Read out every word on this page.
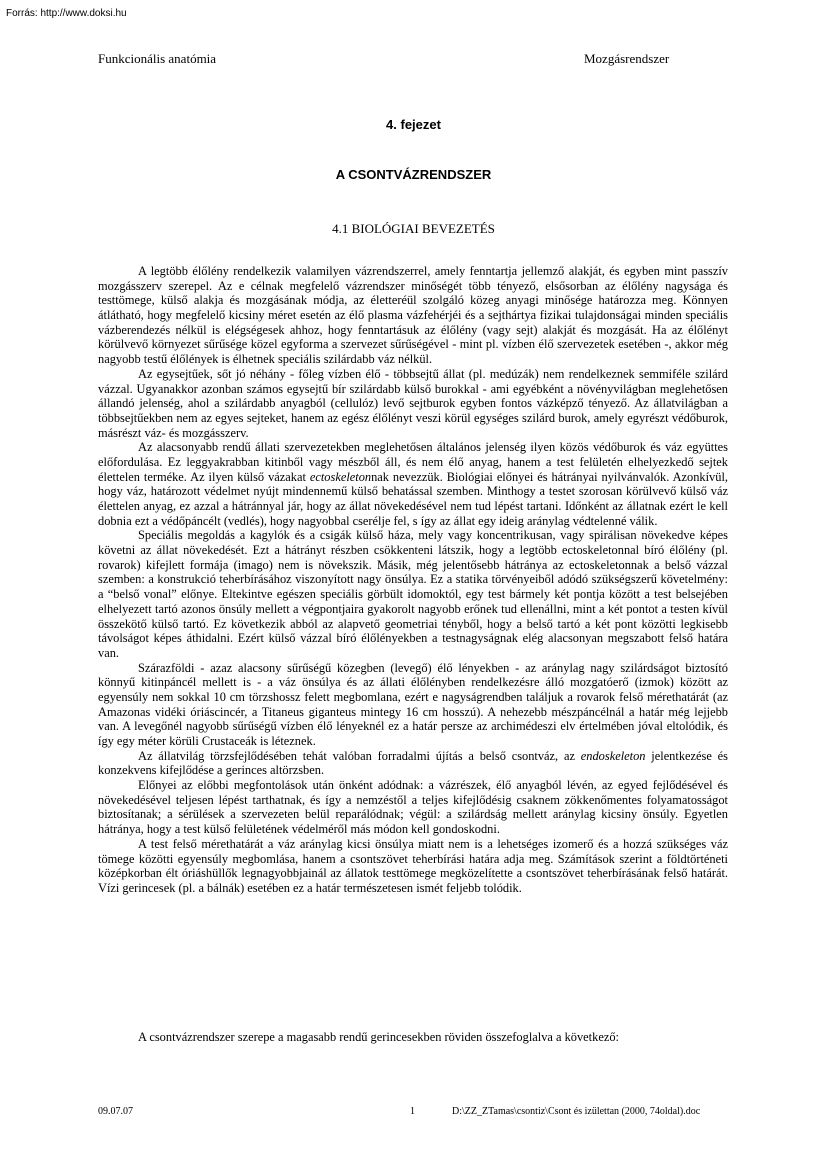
Forrás: http://www.doksi.hu
Funkcionális anatómia	Mozgásrendszer
4. fejezet
A CSONTVÁZRENDSZER
4.1 BIOLÓGIAI BEVEZETÉS

A legtöbb élőlény rendelkezik valamilyen vázrendszerrel, amely fenntartja jellemző alakját, és egyben mint passzív mozgásszerv szerepel. Az e célnak megfelelő vázrendszer minőségét több tényező, elsősorban az élőlény nagysága és testtömege, külső alakja és mozgásának módja, az életteréül szolgáló közeg anyagi minősége határozza meg. Könnyen átlátható, hogy megfelelő kicsiny méret esetén az élő plasma vázfehérjéi és a sejthártya fizikai tulajdonságai minden speciális vázberendezés nélkül is elégségesek ahhoz, hogy fenntartásuk az élőlény (vagy sejt) alakját és mozgását. Ha az élőlényt körülvevő környezet sűrűsége közel egyforma a szervezet sűrűségével - mint pl. vízben élő szervezetek esetében -, akkor még nagyobb testű élőlények is élhetnek speciális szilárdabb váz nélkül.

Az egysejtűek, sőt jó néhány - főleg vízben élő - többsejtű állat (pl. medúzák) nem rendelkeznek semmiféle szilárd vázzal. Ugyanakkor azonban számos egysejtű bír szilárdabb külső burokkal - ami egyébként a növényvilágban meglehetősen állandó jelenség, ahol a szilárdabb anyagból (cellulóz) levő sejtburok egyben fontos vázképző tényező. Az állatvilágban a többsejtűekben nem az egyes sejteket, hanem az egész élőlényt veszi körül egységes szilárd burok, amely egyrészt védőburok, másrészt váz- és mozgásszerv.

Az alacsonyabb rendű állati szervezetekben meglehetősen általános jelenség ilyen közös védőburok és váz együttes előfordulása. Ez leggyakrabban kitinből vagy mészből áll, és nem élő anyag, hanem a test felületén elhelyezkedő sejtek élettelen terméke. Az ilyen külső vázakat ectoskeletonnak nevezzük. Biológiai előnyei és hátrányai nyilvánvalók. Azonkívül, hogy váz, határozott védelmet nyújt mindennemű külső behatással szemben. Minthogy a testet szorosan körülvevő külső váz élettelen anyag, ez azzal a hátránnyal jár, hogy az állat növekedésével nem tud lépést tartani. Időnként az állatnak ezért le kell dobnia ezt a védőpáncélt (vedlés), hogy nagyobbal cserélje fel, s így az állat egy ideig aránylag védtelenné válik.

Speciális megoldás a kagylók és a csigák külső háza, mely vagy koncentrikusan, vagy spirálisan növekedve képes követni az állat növekedését. Ezt a hátrányt részben csökkenteni látszik, hogy a legtöbb ectoskeletonnal bíró élőlény (pl. rovarok) kifejlett formája (imago) nem is növekszik. Másik, még jelentősebb hátránya az ectoskeletonnak a belső vázzal szemben: a konstrukció teherbírásához viszonyított nagy önsúlya. Ez a statika törvényeiből adódó szükségszerű követelmény: a “belső vonal” előnye. Eltekintve egészen speciális görbült idomoktól, egy test bármely két pontja között a test belsejében elhelyezett tartó azonos önsúly mellett a végpontjaira gyakorolt nagyobb erőnek tud ellenállni, mint a két pontot a testen kívül összekötő külső tartó. Ez következik abból az alapvető geometriai tényből, hogy a belső tartó a két pont közötti legkisebb távolságot képes áthidalni. Ezért külső vázzal bíró élőlényekben a testnagyságnak elég alacsonyan megszabott felső határa van.

Szárazföldi - azaz alacsony sűrűségű közegben (levegő) élő lényekben - az aránylag nagy szilárdságot biztosító könnyű kitinpáncél mellett is - a váz önsúlya és az állati élőlényben rendelkezésre álló mozgatóerő (izmok) között az egyensúly nem sokkal 10 cm törzshossz felett megbomlana, ezért e nagyságrendben találjuk a rovarok felső mérethatárát (az Amazonas vidéki óriáscincér, a Titaneus giganteus mintegy 16 cm hosszú). A nehezebb mészpáncélnál a határ még lejjebb van. A levegőnél nagyobb sűrűségű vízben élő lényeknél ez a határ persze az archimédeszi elv értelmében jóval eltolódik, és így egy méter körüli Crustaceák is léteznek.

Az állatvilág törzsfejlődésében tehát valóban forradalmi újítás a belső csontváz, az endoskeleton jelentkezése és konzekvens kifejlődése a gerinces altörzsben.

Előnyei az előbbi megfontolások után önként adódnak: a vázrészek, élő anyagból lévén, az egyed fejlődésével és növekedésével teljesen lépést tarthatnak, és így a nemzéstől a teljes kifejlődésig csaknem zökkenőmentes folyamatosságot biztosítanak; a sérülések a szervezeten belül reparálódnak; végül: a szilárdság mellett aránylag kicsiny önsúly. Egyetlen hátránya, hogy a test külső felületének védelméről más módon kell gondoskodni.

A test felső mérethatárát a váz aránylag kicsi önsúlya miatt nem is a lehetséges izomerő és a hozzá szükséges váz tömege közötti egyensúly megbomlása, hanem a csontszövet teherbírási határa adja meg. Számítások szerint a földtörténeti középkorban élt óriáshüllők legnagyobbjainál az állatok testtömege megközelítette a csontszövet teherbírásának felső határát. Vízi gerincesek (pl. a bálnák) esetében ez a határ természetesen ismét feljebb tolódik.

A csontvázrendszer szerepe a magasabb rendű gerincesekben röviden összefoglalva a következő:
09.07.07	1	D:\ZZ_ZTamas\csontiz\Csont és izülettan (2000, 74oldal).doc
